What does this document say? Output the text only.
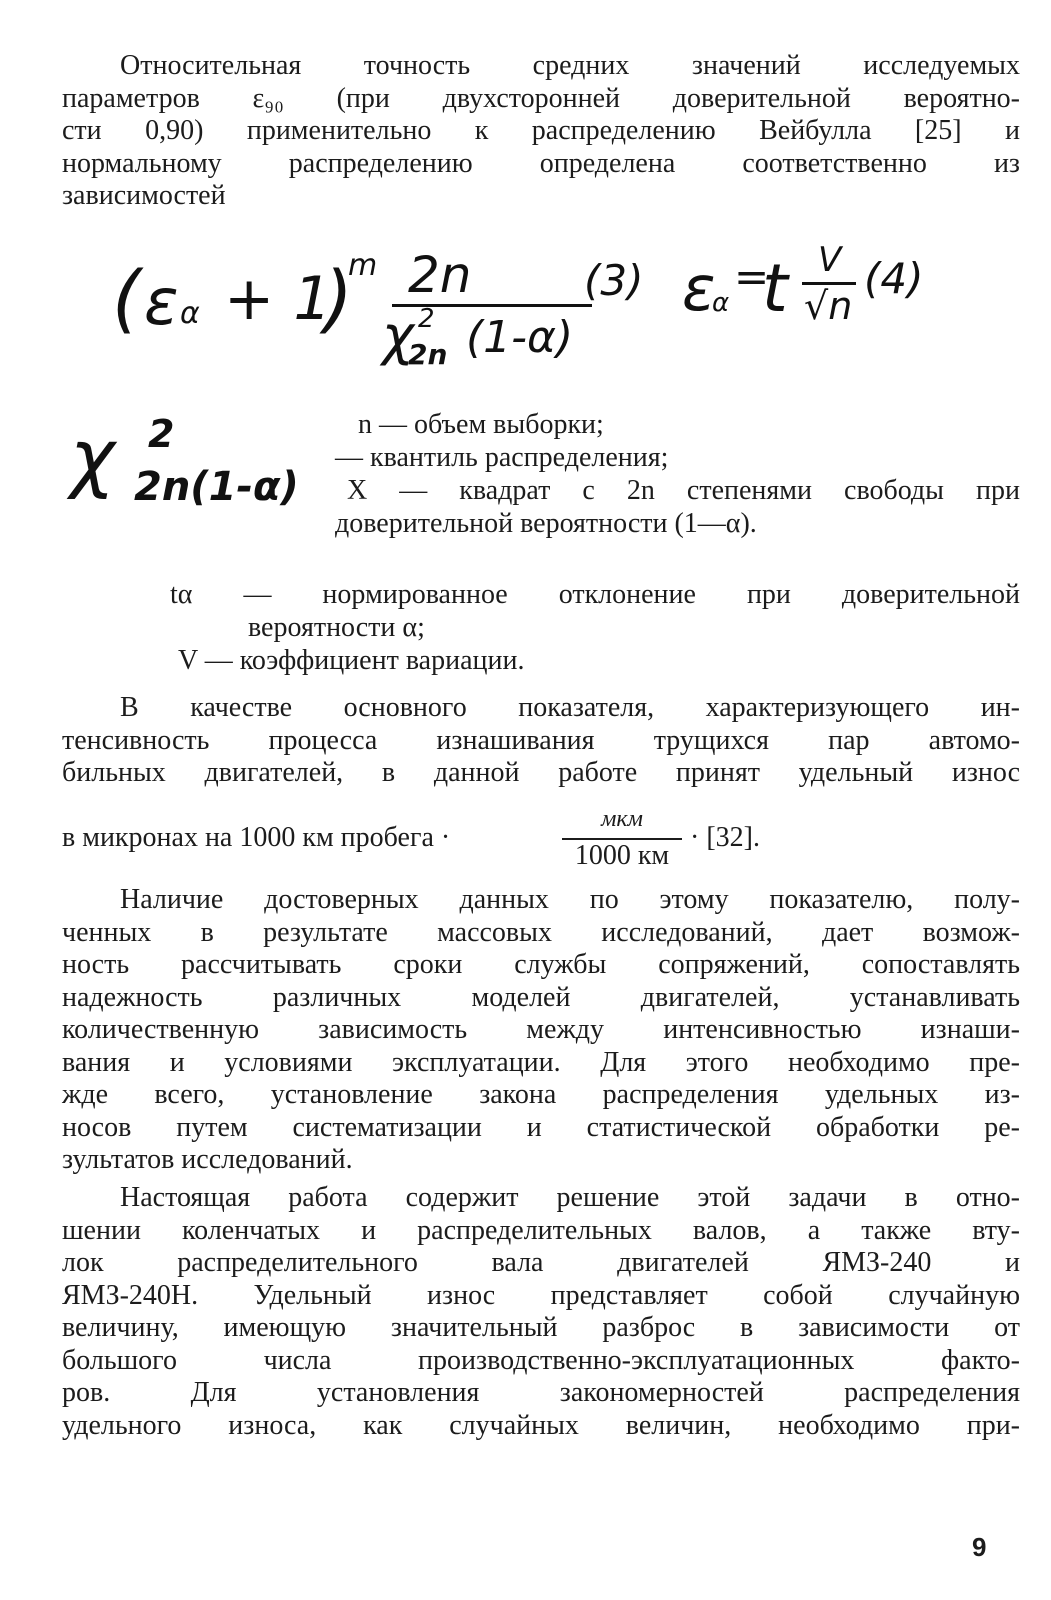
Относительная точность средних значений исследуемых
параметров ε₉₀ (при двухсторонней доверительной вероятно-
сти 0,90) применительно к распределению Вейбулла [25] и
нормальному распределению определена соответственно из
зависимостей

( ε α + 1
)
m 2n
χ 2
2n (1-α)
(3) ε
α
=
t V
√n
(4)
χ 2
2n(1-α)
n — объем выборки;
— квантиль распределения;
Χ — квадрат с 2n степенями свободы при
доверительной вероятности (1—α).
tα — нормированное отклонение при доверительной
вероятности α;
V — коэффициент вариации.

В качестве основного показателя, характеризующего ин-
тенсивность процесса изнашивания трущихся пар автомо-
бильных двигателей, в данной работе принят удельный износ

в микронах на 1000 км пробега ·
мкм
1000 км
· [32].

Наличие достоверных данных по этому показателю, полу-
ченных в результате массовых исследований, дает возмож-
ность рассчитывать сроки службы сопряжений, сопоставлять
надежность различных моделей двигателей, устанавливать
количественную зависимость между интенсивностью изнаши-
вания и условиями эксплуатации. Для этого необходимо пре-
жде всего, установление закона распределения удельных из-
носов путем систематизации и статистической обработки ре-
зультатов исследований.

Настоящая работа содержит решение этой задачи в отно-
шении коленчатых и распределительных валов, а также вту-
лок распределительного вала двигателей ЯМЗ-240 и
ЯМЗ-240Н. Удельный износ представляет собой случайную
величину, имеющую значительный разброс в зависимости от
большого числа производственно-эксплуатационных факто-
ров. Для установления закономерностей распределения
удельного износа, как случайных величин, необходимо при-

9
